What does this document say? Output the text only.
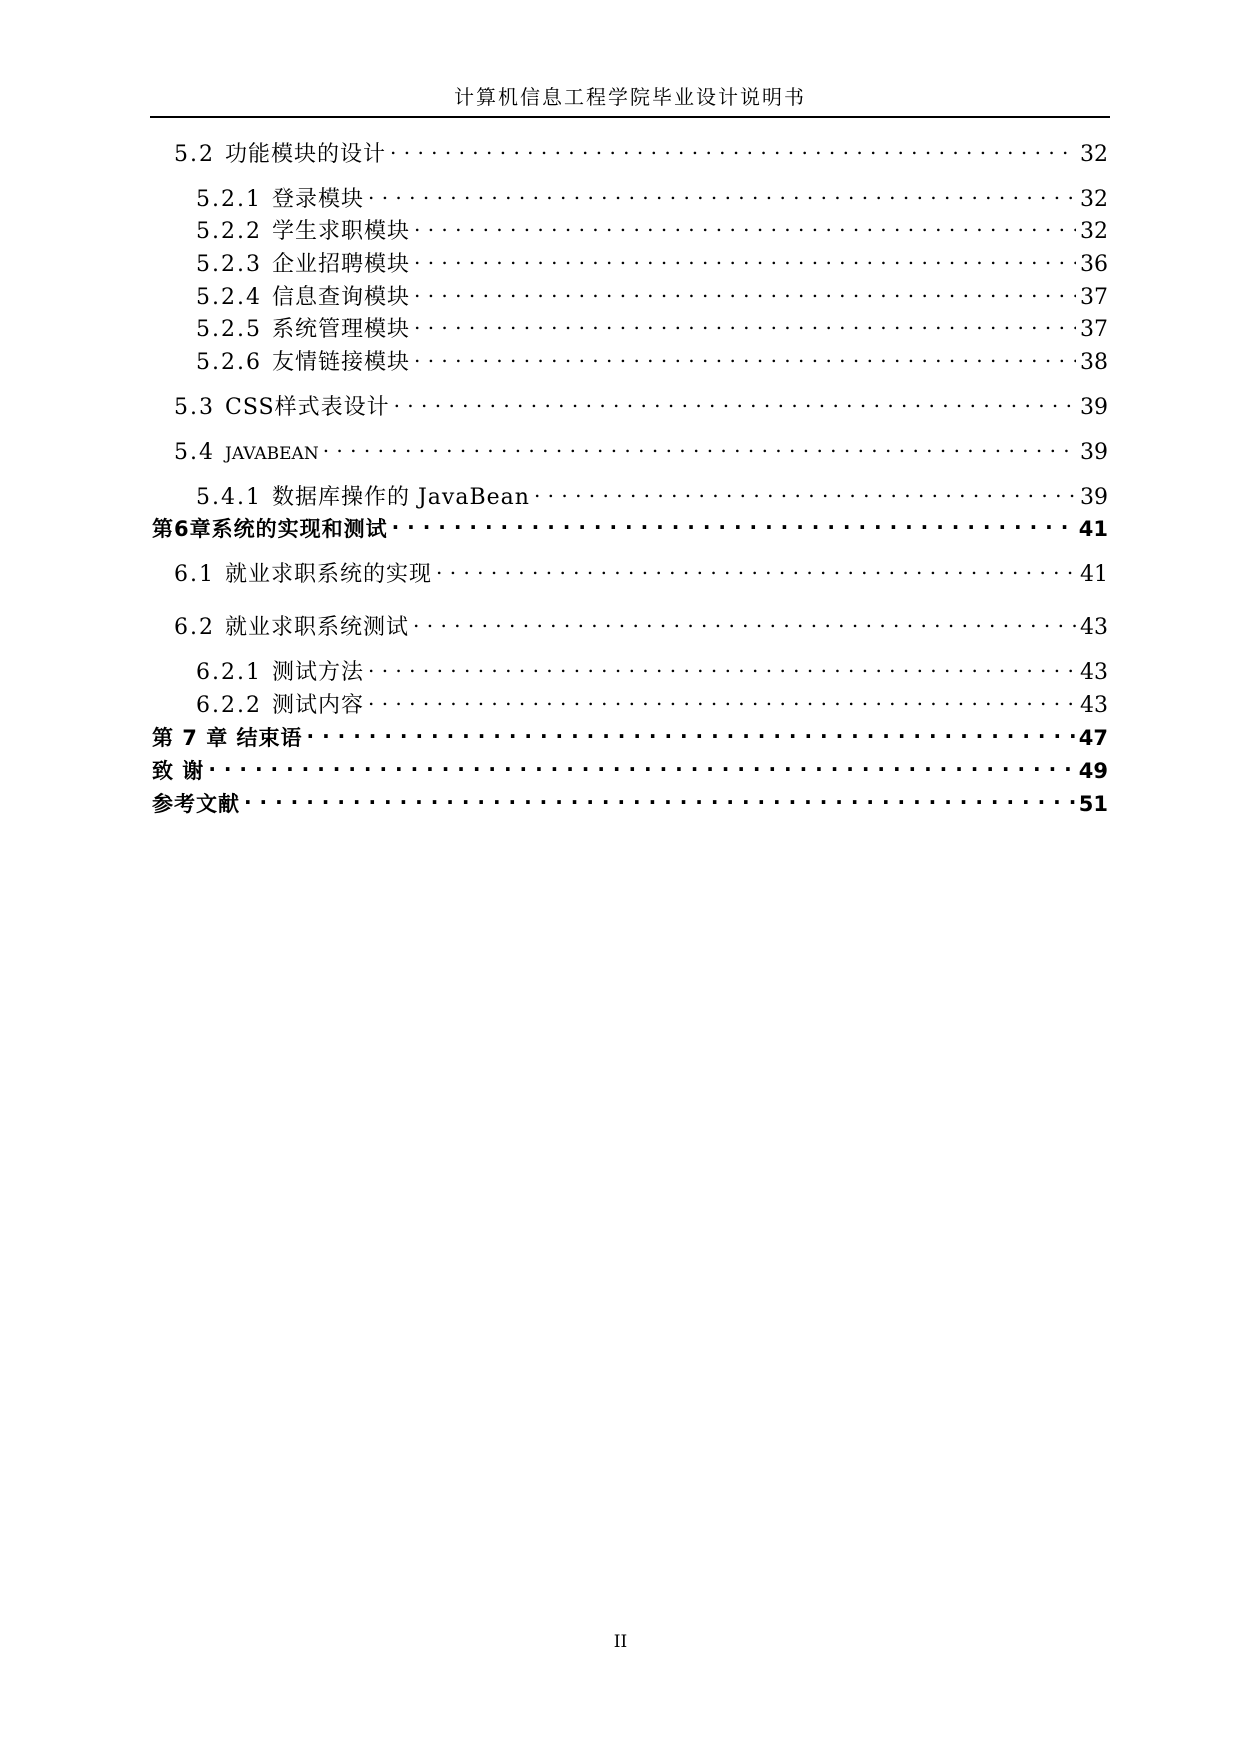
计算机信息工程学院毕业设计说明书
5.2 功能模块的设计 . . .	32
5.2.1 登录模块 . . .	32
5.2.2 学生求职模块 . . .	32
5.2.3 企业招聘模块 . . .	36
5.2.4 信息查询模块 . . .	37
5.2.5 系统管理模块 . . .	37
5.2.6 友情链接模块 . . .	38
5.3 CSS样式表设计 . . .	39
5.4 JAVABEAN . . .	39
5.4.1 数据库操作的 JavaBean . . .	39
第6章系统的实现和测试 . . .	41
6.1 就业求职系统的实现 . . .	41
6.2 就业求职系统测试 . . .	43
6.2.1 测试方法 . . .	43
6.2.2 测试内容 . . .	43
第 7 章 结束语 . . .	47
致 谢 . . .	49
参考文献 . . .	51
II
